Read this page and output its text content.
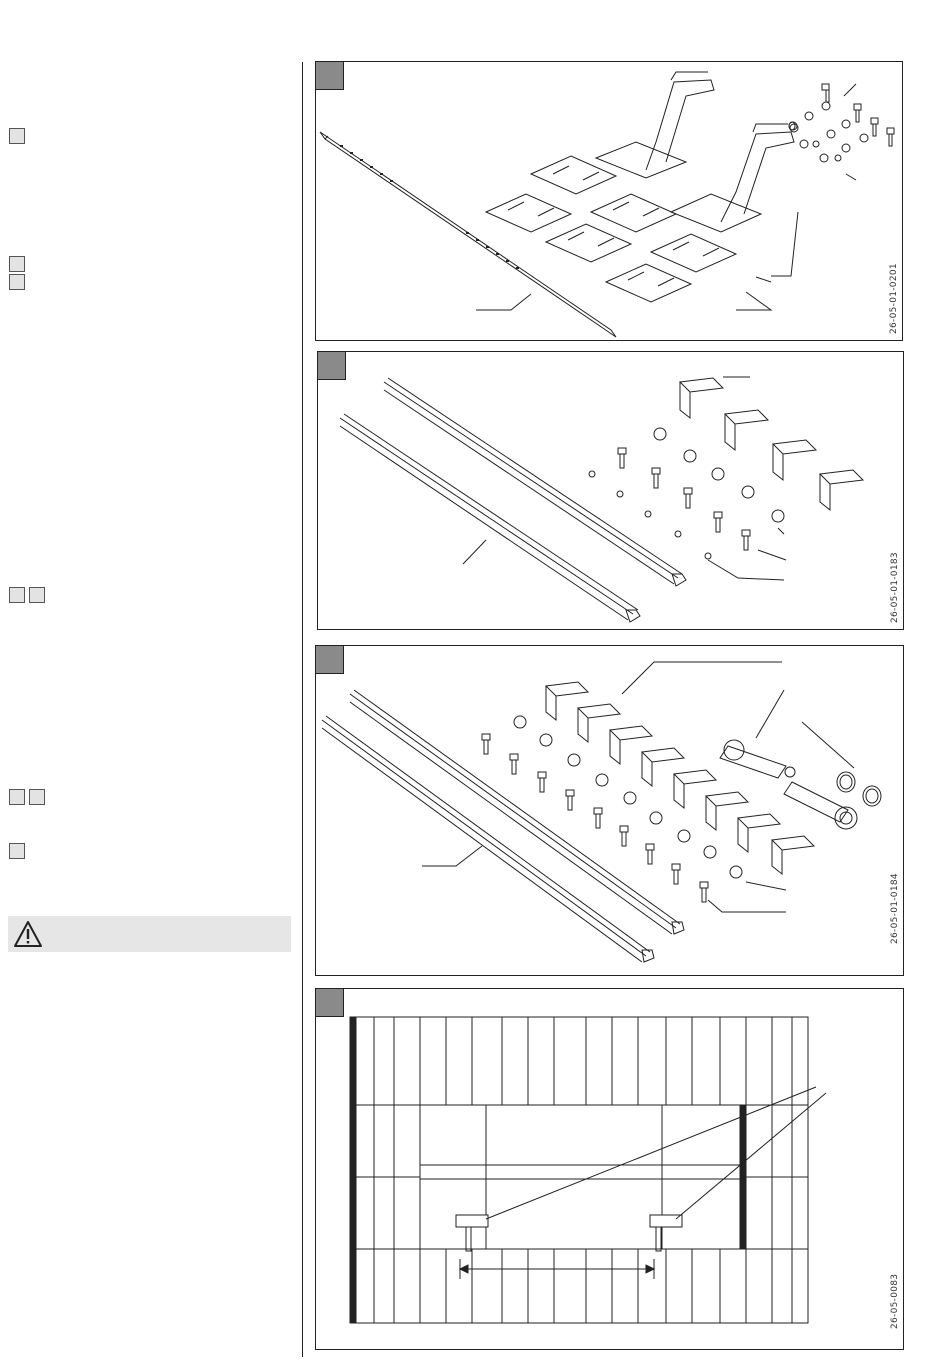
26-05-01-0201
26-05-01-0183
26-05-01-0184
26-05-0083
